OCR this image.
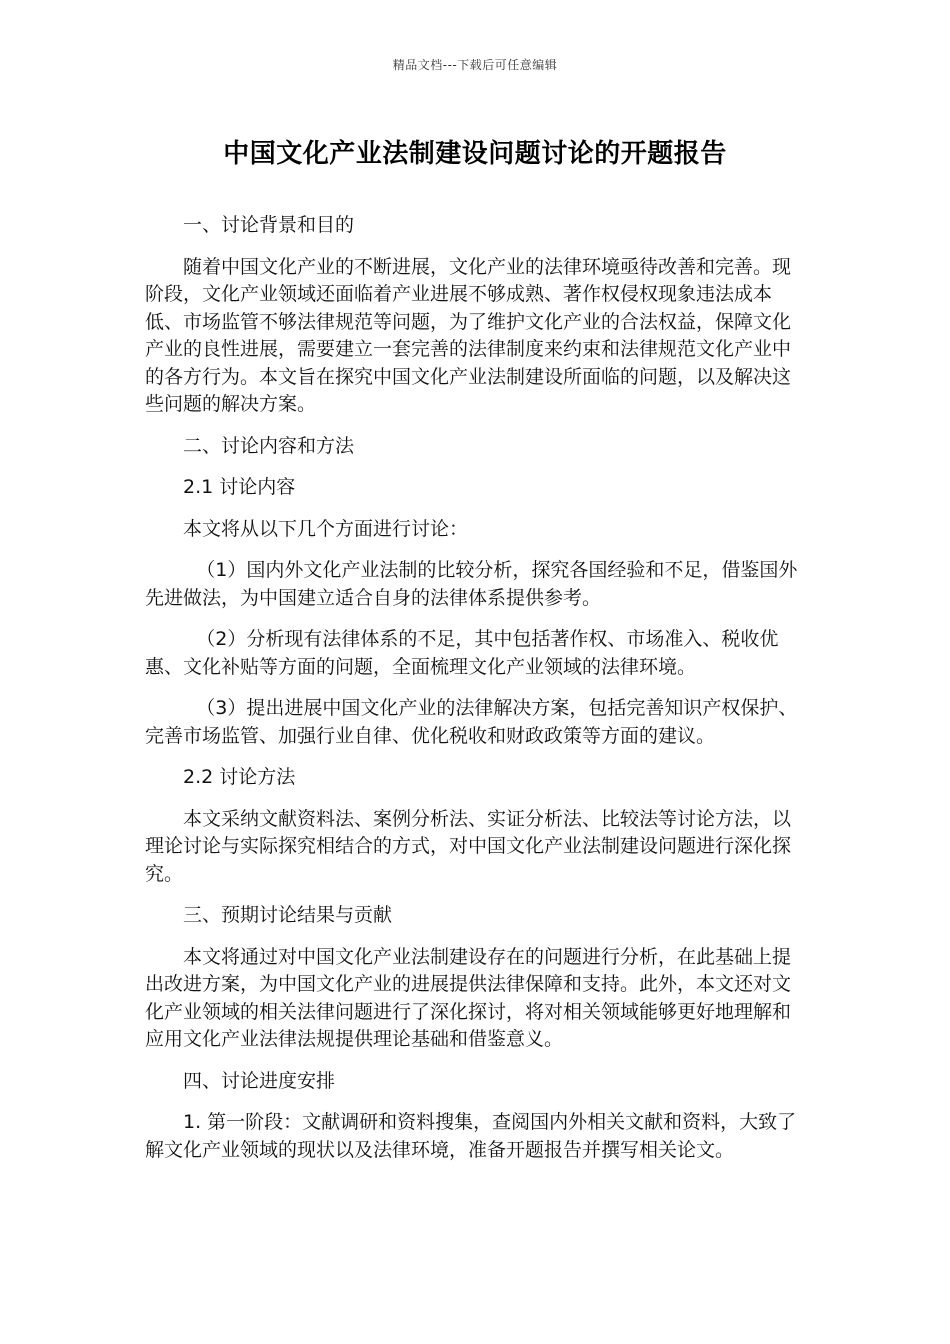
精品文档---下载后可任意编辑
中国文化产业法制建设问题讨论的开题报告

一、讨论背景和目的

随着中国文化产业的不断进展，文化产业的法律环境亟待改善和完善。现阶段，文化产业领域还面临着产业进展不够成熟、著作权侵权现象违法成本低、市场监管不够法律规范等问题，为了维护文化产业的合法权益，保障文化产业的良性进展，需要建立一套完善的法律制度来约束和法律规范文化产业中的各方行为。本文旨在探究中国文化产业法制建设所面临的问题，以及解决这些问题的解决方案。

二、讨论内容和方法

2.1 讨论内容

本文将从以下几个方面进行讨论：

（1）国内外文化产业法制的比较分析，探究各国经验和不足，借鉴国外先进做法，为中国建立适合自身的法律体系提供参考。

（2）分析现有法律体系的不足，其中包括著作权、市场准入、税收优惠、文化补贴等方面的问题，全面梳理文化产业领域的法律环境。

（3）提出进展中国文化产业的法律解决方案，包括完善知识产权保护、完善市场监管、加强行业自律、优化税收和财政政策等方面的建议。

2.2 讨论方法

本文采纳文献资料法、案例分析法、实证分析法、比较法等讨论方法，以理论讨论与实际探究相结合的方式，对中国文化产业法制建设问题进行深化探究。

三、预期讨论结果与贡献

本文将通过对中国文化产业法制建设存在的问题进行分析，在此基础上提出改进方案，为中国文化产业的进展提供法律保障和支持。此外，本文还对文化产业领域的相关法律问题进行了深化探讨，将对相关领域能够更好地理解和应用文化产业法律法规提供理论基础和借鉴意义。

四、讨论进度安排

1. 第一阶段：文献调研和资料搜集，查阅国内外相关文献和资料，大致了解文化产业领域的现状以及法律环境，准备开题报告并撰写相关论文。
